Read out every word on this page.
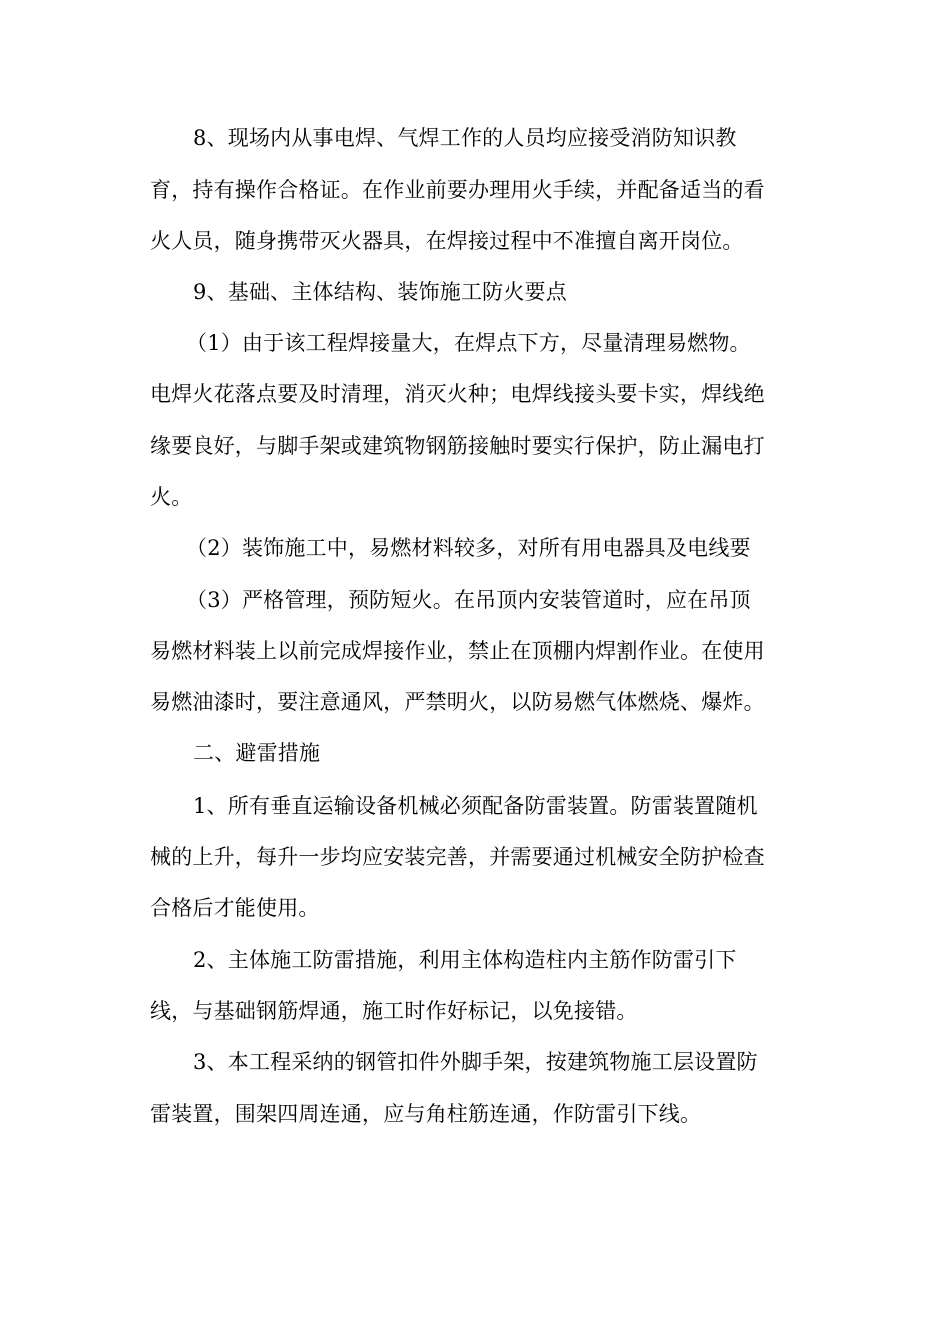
8、现场内从事电焊、气焊工作的人员均应接受消防知识教
育，持有操作合格证。在作业前要办理用火手续，并配备适当的看
火人员，随身携带灭火器具，在焊接过程中不准擅自离开岗位。
9、基础、主体结构、装饰施工防火要点
（1）由于该工程焊接量大，在焊点下方，尽量清理易燃物。
电焊火花落点要及时清理，消灭火种；电焊线接头要卡实，焊线绝
缘要良好，与脚手架或建筑物钢筋接触时要实行保护，防止漏电打
火。
（2）装饰施工中，易燃材料较多，对所有用电器具及电线要
（3）严格管理，预防短火。在吊顶内安装管道时，应在吊顶
易燃材料装上以前完成焊接作业，禁止在顶棚内焊割作业。在使用
易燃油漆时，要注意通风，严禁明火，以防易燃气体燃烧、爆炸。
二、避雷措施
1、所有垂直运输设备机械必须配备防雷装置。防雷装置随机
械的上升，每升一步均应安装完善，并需要通过机械安全防护检查
合格后才能使用。
2、主体施工防雷措施，利用主体构造柱内主筋作防雷引下
线，与基础钢筋焊通，施工时作好标记，以免接错。
3、本工程采纳的钢管扣件外脚手架，按建筑物施工层设置防
雷装置，围架四周连通，应与角柱筋连通，作防雷引下线。
